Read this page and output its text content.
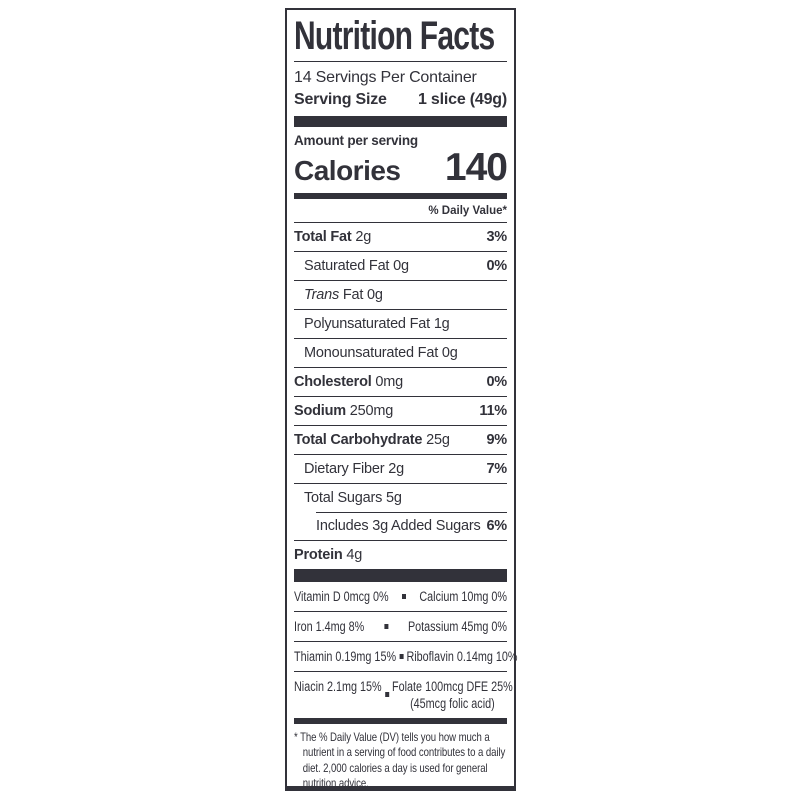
Nutrition Facts
14 Servings Per Container
Serving Size 1 slice (49g)
Amount per serving
Calories 140
% Daily Value*
Total Fat 2g	3%
Saturated Fat 0g	0%
Trans Fat 0g
Polyunsaturated Fat 1g
Monounsaturated Fat 0g
Cholesterol 0mg	0%
Sodium 250mg	11%
Total Carbohydrate 25g	9%
Dietary Fiber 2g	7%
Total Sugars 5g
Includes 3g Added Sugars 6%
Protein 4g
Vitamin D 0mcg 0% Calcium 10mg 0%
Iron 1.4mg 8%	Potassium 45mg 0%
Thiamin 0.19mg 15% Riboflavin 0.14mg 10%
Niacin 2.1mg 15% Folate 100mcg DFE 25%
(45mcg folic acid)
* The % Daily Value (DV) tells you how much a nutrient in a serving of food contributes to a daily diet. 2,000 calories a day is used for general nutrition advice.
